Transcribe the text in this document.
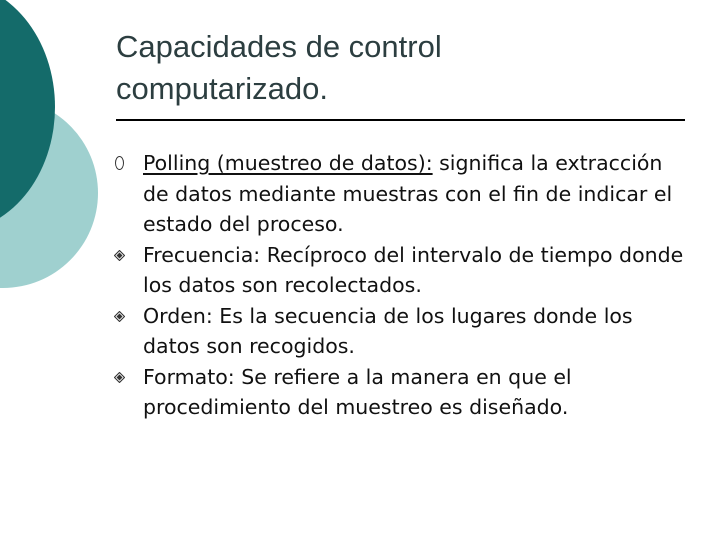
Capacidades de control
computarizado.
Polling (muestreo de datos): significa la extracción de datos mediante muestras con el fin de indicar el estado del proceso.
Frecuencia: Recíproco del intervalo de tiempo donde los datos son recolectados.
Orden: Es la secuencia de los lugares donde los datos son recogidos.
Formato: Se refiere a la manera en que el procedimiento del muestreo es diseñado.
